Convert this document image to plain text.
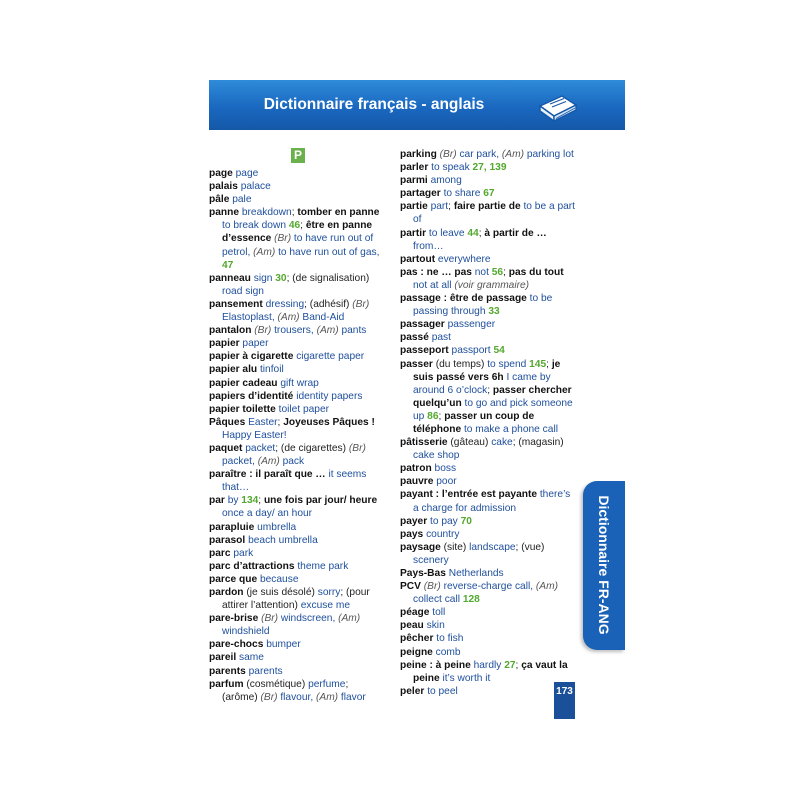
Dictionnaire français - anglais
P
page page
palais palace
pâle pale
panne breakdown; tomber en panne to break down 46; être en panne d’essence (Br) to have run out of petrol, (Am) to have run out of gas, 47
panneau sign 30; (de signalisation) road sign
pansement dressing; (adhésif) (Br) Elastoplast, (Am) Band-Aid
pantalon (Br) trousers, (Am) pants
papier paper
papier à cigarette cigarette paper
papier alu tinfoil
papier cadeau gift wrap
papiers d’identité identity papers
papier toilette toilet paper
Pâques Easter; Joyeuses Pâques ! Happy Easter!
paquet packet; (de cigarettes) (Br) packet, (Am) pack
paraître : il paraît que … it seems that…
par by 134; une fois par jour/ heure once a day/ an hour
parapluie umbrella
parasol beach umbrella
parc park
parc d’attractions theme park
parce que because
pardon (je suis désolé) sorry; (pour attirer l’attention) excuse me
pare-brise (Br) windscreen, (Am) windshield
pare-chocs bumper
pareil same
parents parents
parfum (cosmétique) perfume; (arôme) (Br) flavour, (Am) flavor
parking (Br) car park, (Am) parking lot
parler to speak 27, 139
parmi among
partager to share 67
partie part; faire partie de to be a part of
partir to leave 44; à partir de … from…
partout everywhere
pas : ne … pas not 56; pas du tout not at all (voir grammaire)
passage : être de passage to be passing through 33
passager passenger
passé past
passeport passport 54
passer (du temps) to spend 145; je suis passé vers 6h I came by around 6 o’clock; passer chercher quelqu’un to go and pick someone up 86; passer un coup de téléphone to make a phone call
pâtisserie (gâteau) cake; (magasin) cake shop
patron boss
pauvre poor
payant : l’entrée est payante there’s a charge for admission
payer to pay 70
pays country
paysage (site) landscape; (vue) scenery
Pays-Bas Netherlands
PCV (Br) reverse-charge call, (Am) collect call 128
péage toll
peau skin
pêcher to fish
peigne comb
peine : à peine hardly 27; ça vaut la peine it’s worth it
peler to peel
Dictionnaire FR-ANG
173
